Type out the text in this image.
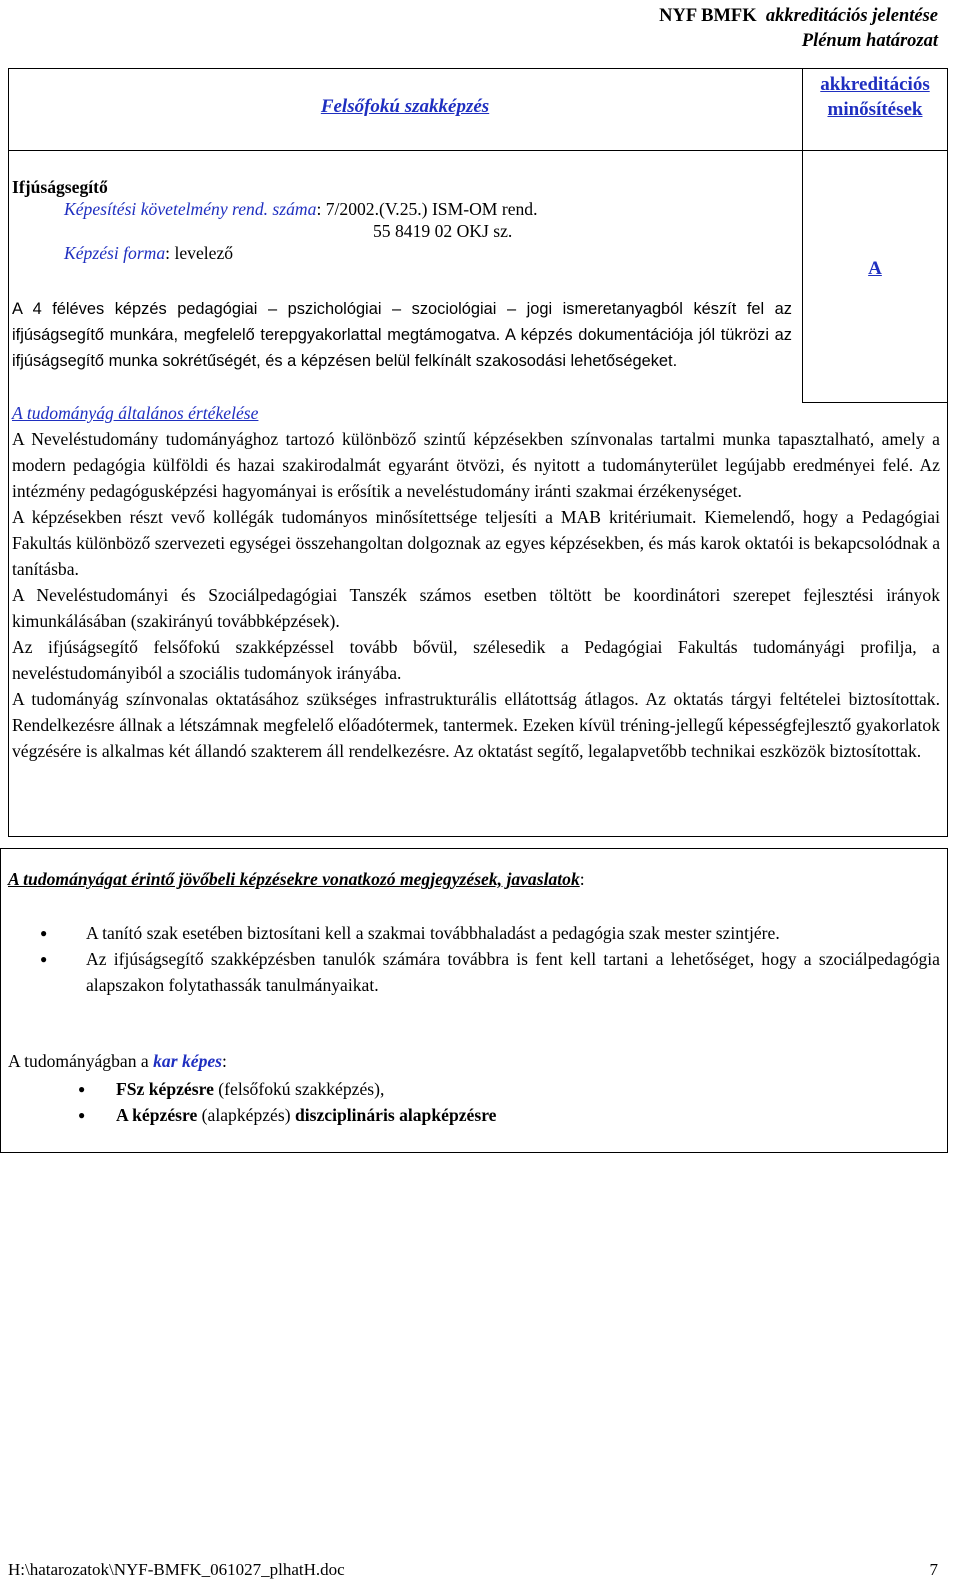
NYF BMFK  akkreditációs jelentése
Plénum határozat
Felsőfokú szakképzés
akkreditációs
minősítések
Ifjúságsegítő
Képesítési követelmény rend. száma: 7/2002.(V.25.) ISM-OM rend.
55 8419 02 OKJ sz.
Képzési forma: levelező
A
A 4 féléves képzés pedagógiai – pszichológiai – szociológiai – jogi ismeretanyagból készít fel az ifjúságsegítő munkára, megfelelő terepgyakorlattal megtámogatva. A képzés dokumentációja jól tükrözi az ifjúságsegítő munka sokrétűségét, és a képzésen belül felkínált szakosodási lehetőségeket.
A tudományág általános értékelése
A Neveléstudomány tudományághoz tartozó különböző szintű képzésekben színvonalas tartalmi munka tapasztalható, amely a modern pedagógia külföldi és hazai szakirodalmát egyaránt ötvözi, és nyitott a tudományterület legújabb eredményei felé. Az intézmény pedagógusképzési hagyományai is erősítik a neveléstudomány iránti szakmai érzékenységet.
A képzésekben részt vevő kollégák tudományos minősítettsége teljesíti a MAB kritériumait. Kiemelendő, hogy a Pedagógiai Fakultás különböző szervezeti egységei összehangoltan dolgoznak az egyes képzésekben, és más karok oktatói is bekapcsolódnak a tanításba.
A Neveléstudományi és Szociálpedagógiai Tanszék számos esetben töltött be koordinátori szerepet fejlesztési irányok kimunkálásában (szakirányú továbbképzések).
Az ifjúságsegítő felsőfokú szakképzéssel tovább bővül, szélesedik a Pedagógiai Fakultás tudományági profilja, a neveléstudományiból a szociális tudományok irányába.
A tudományág színvonalas oktatásához szükséges infrastrukturális ellátottság átlagos. Az oktatás tárgyi feltételei biztosítottak. Rendelkezésre állnak a létszámnak megfelelő előadótermek, tantermek. Ezeken kívül tréning-jellegű képességfejlesztő gyakorlatok végzésére is alkalmas két állandó szakterem áll rendelkezésre. Az oktatást segítő, legalapvetőbb technikai eszközök biztosítottak.
A tudományágat érintő jövőbeli képzésekre vonatkozó megjegyzések, javaslatok:
● A tanító szak esetében biztosítani kell a szakmai továbbhaladást a pedagógia szak mester szintjére.
● Az ifjúságsegítő szakképzésben tanulók számára továbbra is fent kell tartani a lehetőséget, hogy a szociálpedagógia alapszakon folytathassák tanulmányaikat.
A tudományágban a kar képes:
● FSz képzésre (felsőfokú szakképzés),
● A képzésre (alapképzés) diszciplináris alapképzésre
H:\hatarozatok\NYF-BMFK_061027_plhatH.doc	7
